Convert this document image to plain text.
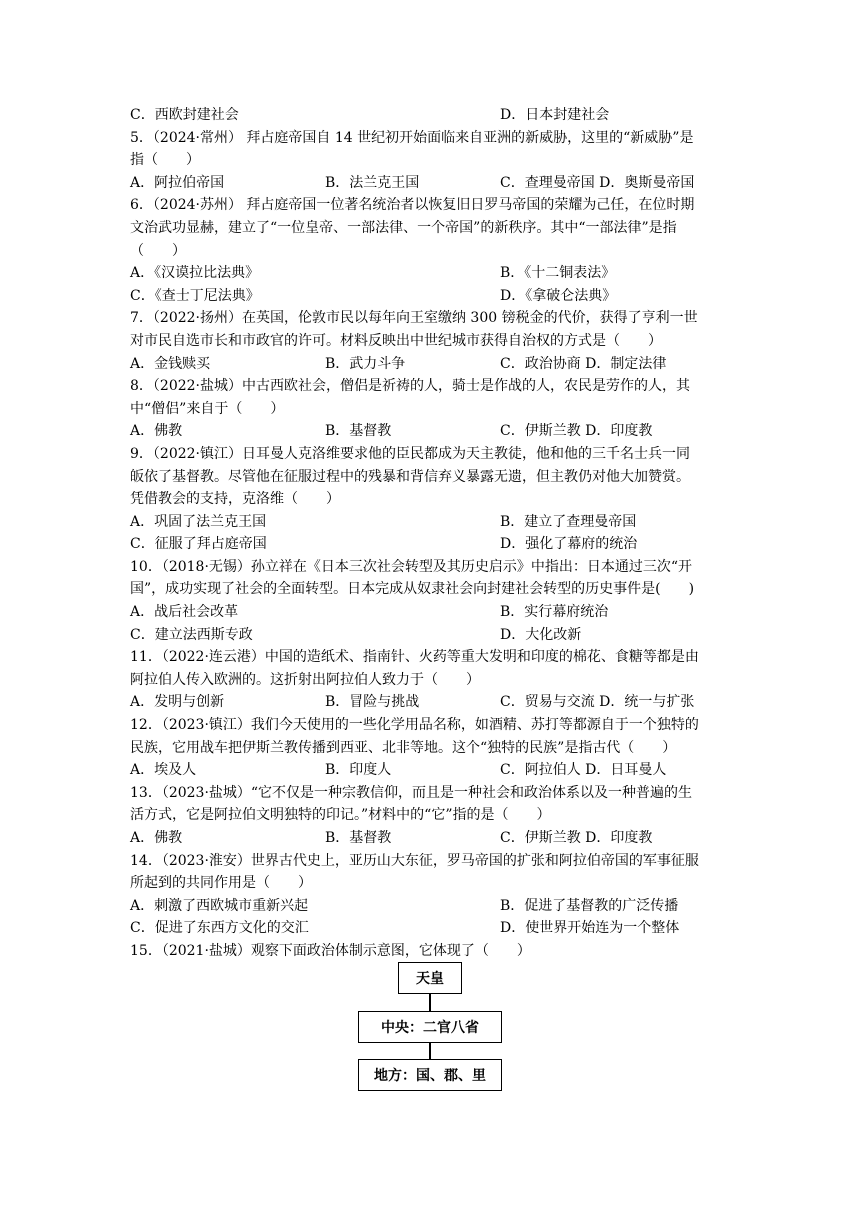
C．西欧封建社会	D．日本封建社会
5．（2024·常州） 拜占庭帝国自 14 世纪初开始面临来自亚洲的新威胁，这里的“新威胁”是
指（　　）
A．阿拉伯帝国	B．法兰克王国	C．查理曼帝国 D．奥斯曼帝国
6．（2024·苏州） 拜占庭帝国一位著名统治者以恢复旧日罗马帝国的荣耀为己任，在位时期
文治武功显赫，建立了“一位皇帝、一部法律、一个帝国”的新秩序。其中“一部法律”是指
（　　）
A．《汉谟拉比法典》	B．《十二铜表法》
C．《查士丁尼法典》	D．《拿破仑法典》
7．（2022·扬州）在英国，伦敦市民以每年向王室缴纳 300 镑税金的代价，获得了亨利一世
对市民自选市长和市政官的许可。材料反映出中世纪城市获得自治权的方式是（　　）
A．金钱赎买	B．武力斗争	C．政治协商 D．制定法律
8．（2022·盐城）中古西欧社会，僧侣是祈祷的人，骑士是作战的人，农民是劳作的人，其
中“僧侣”来自于（　　）
A．佛教	B．基督教	C．伊斯兰教 D．印度教
9．（2022·镇江）日耳曼人克洛维要求他的臣民都成为天主教徒，他和他的三千名士兵一同
皈依了基督教。尽管他在征服过程中的残暴和背信弃义暴露无遗，但主教仍对他大加赞赏。
凭借教会的支持，克洛维（　　）
A．巩固了法兰克王国	B．建立了查理曼帝国
C．征服了拜占庭帝国	D．强化了幕府的统治
10．（2018·无锡）孙立祥在《日本三次社会转型及其历史启示》中指出：日本通过三次“开
国”，成功实现了社会的全面转型。日本完成从奴隶社会向封建社会转型的历史事件是(　　)
A．战后社会改革	B．实行幕府统治
C．建立法西斯专政	D．大化改新
11．（2022·连云港）中国的造纸术、指南针、火药等重大发明和印度的棉花、食糖等都是由
阿拉伯人传入欧洲的。这折射出阿拉伯人致力于（　　）
A．发明与创新	B．冒险与挑战	C．贸易与交流 D．统一与扩张
12．（2023·镇江）我们今天使用的一些化学用品名称，如酒精、苏打等都源自于一个独特的
民族，它用战车把伊斯兰教传播到西亚、北非等地。这个“独特的民族”是指古代（　　）
A．埃及人	B．印度人	C．阿拉伯人 D．日耳曼人
13．（2023·盐城）“它不仅是一种宗教信仰，而且是一种社会和政治体系以及一种普遍的生
活方式，它是阿拉伯文明独特的印记。”材料中的“它”指的是（　　）
A．佛教	B．基督教	C．伊斯兰教 D．印度教
14．（2023·淮安）世界古代史上，亚历山大东征，罗马帝国的扩张和阿拉伯帝国的军事征服
所起到的共同作用是（　　）
A．刺激了西欧城市重新兴起	B．促进了基督教的广泛传播
C．促进了东西方文化的交汇	D．使世界开始连为一个整体
15．（2021·盐城）观察下面政治体制示意图，它体现了（　　）
天皇
中央：二官八省
地方：国、郡、里
